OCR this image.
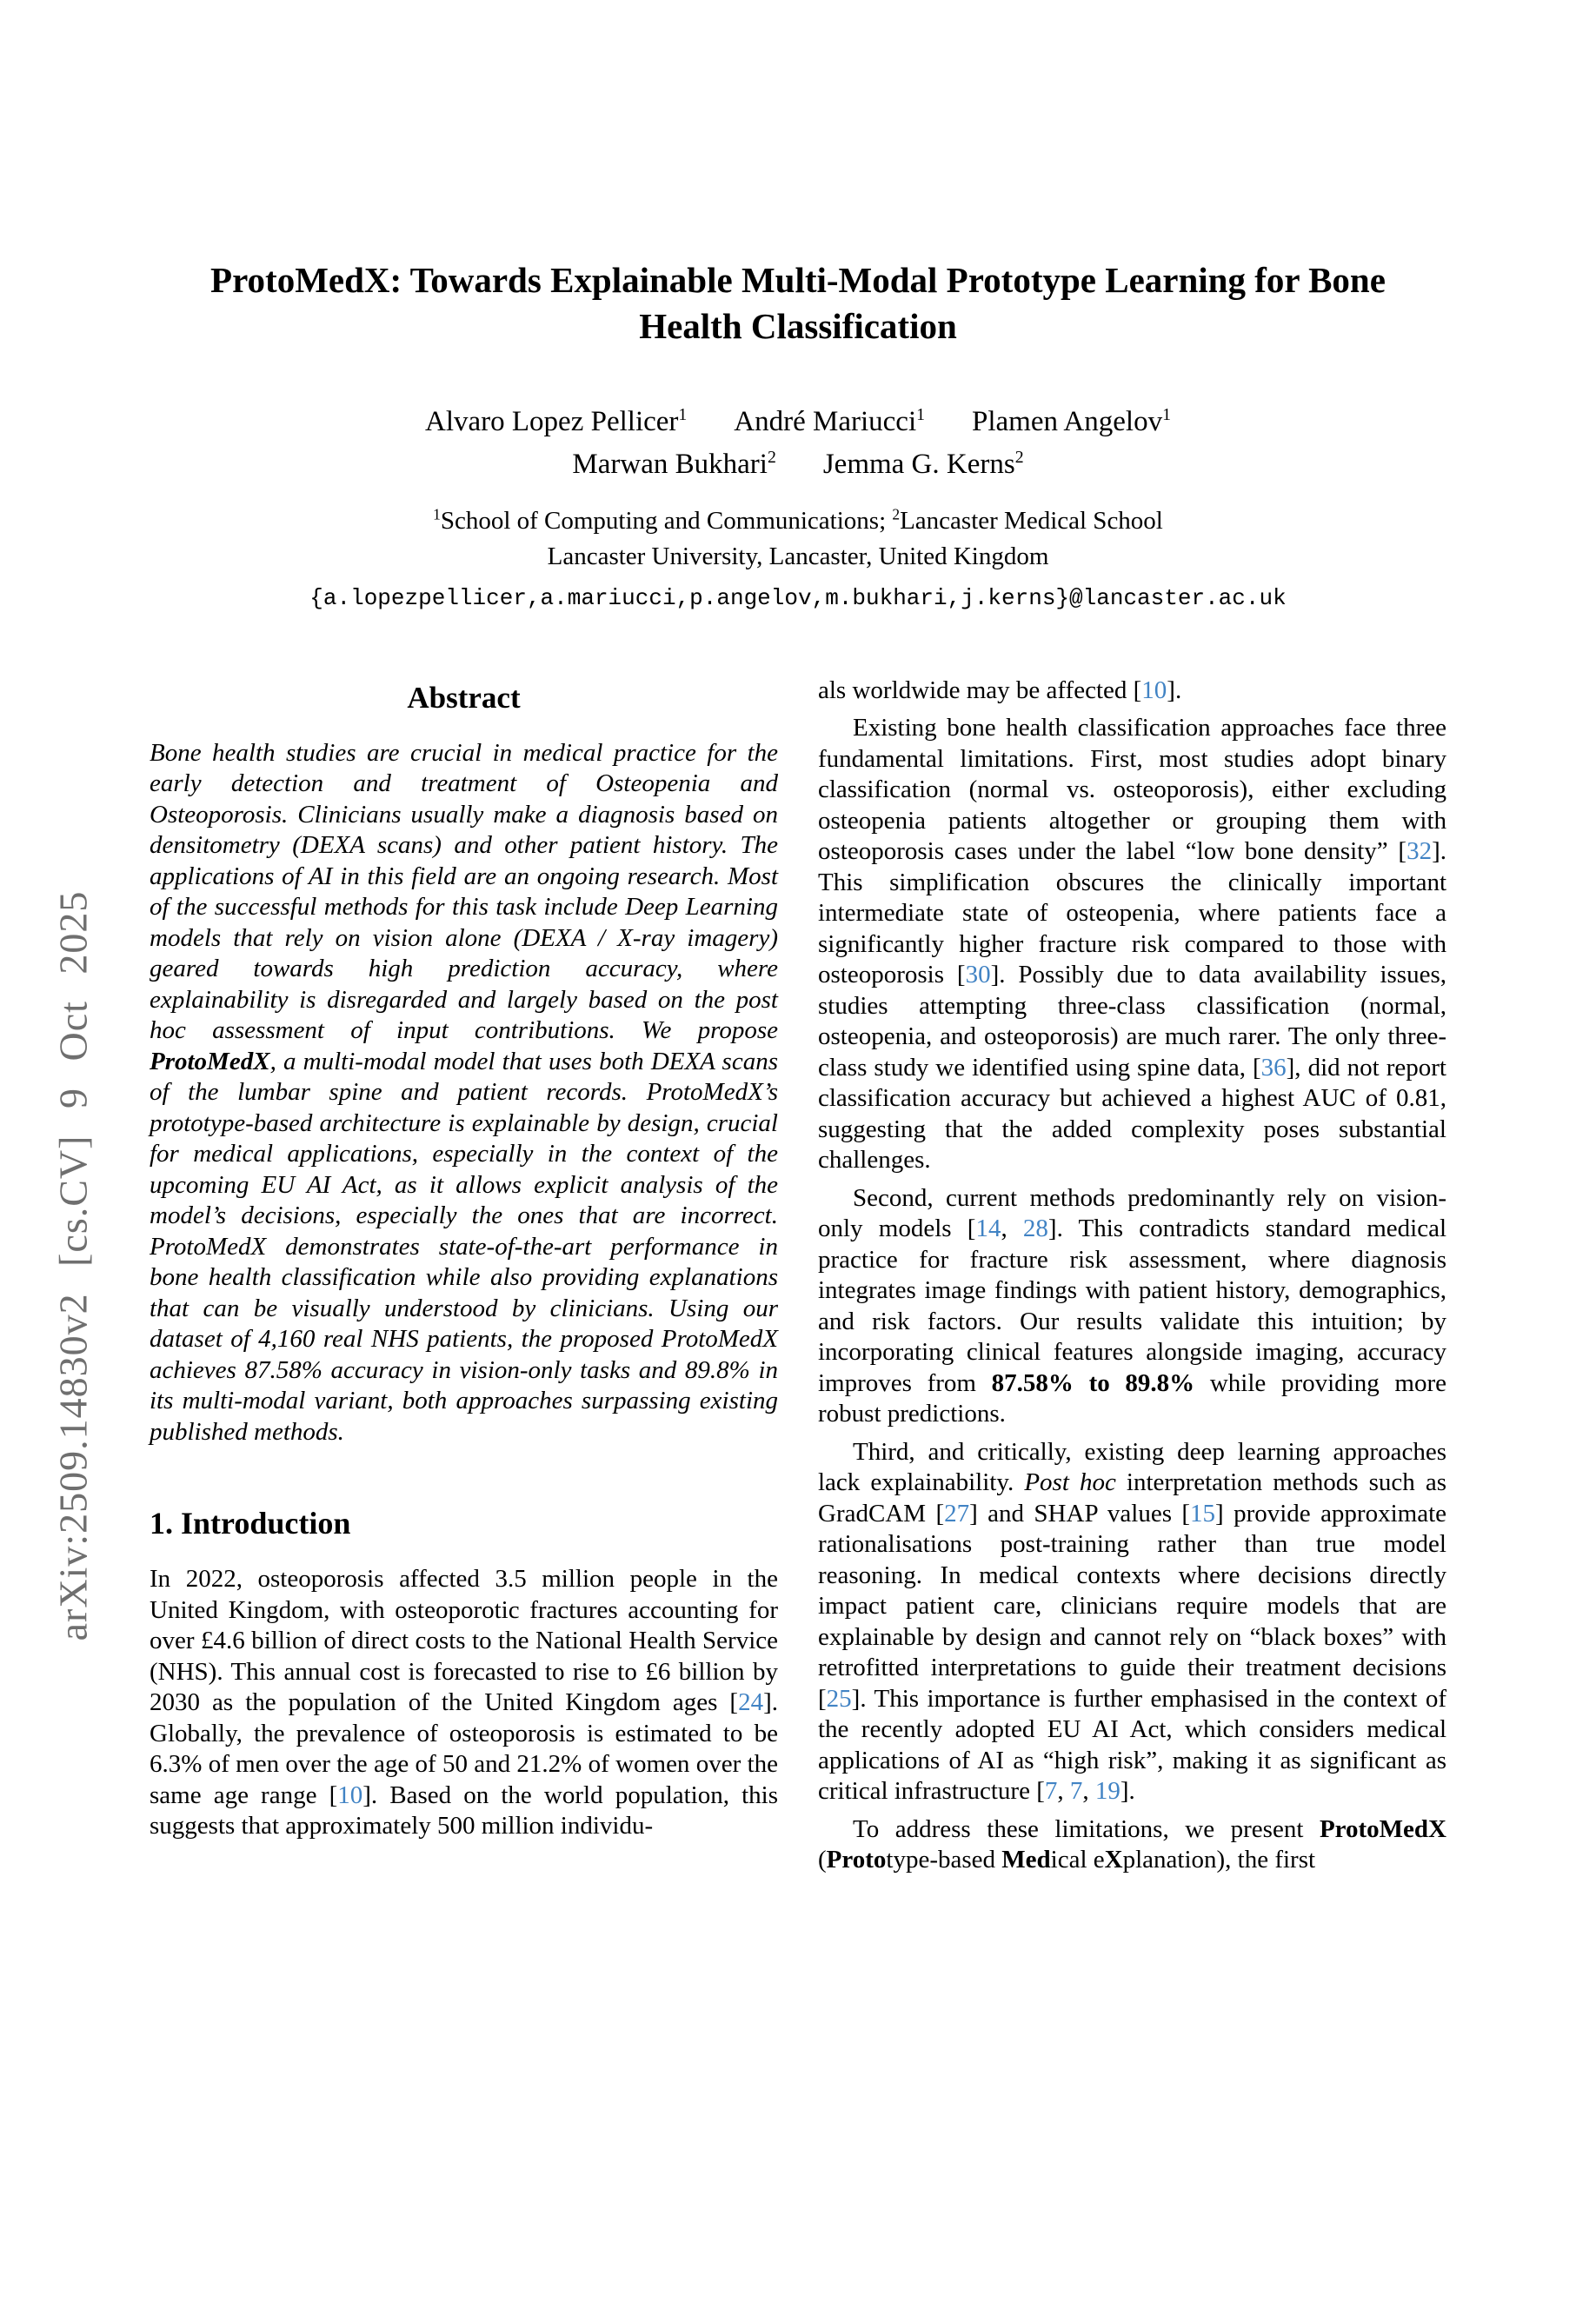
arXiv:2509.14830v2 [cs.CV] 9 Oct 2025
ProtoMedX: Towards Explainable Multi-Modal Prototype Learning for Bone Health Classification
Alvaro Lopez Pellicer$^1$ André Mariucci$^1$ Plamen Angelov$^1$
Marwan Bukhari$^2$ Jemma G. Kerns$^2$
$^1$School of Computing and Communications; $^2$Lancaster Medical School
Lancaster University, Lancaster, United Kingdom
{a.lopezpellicer,a.mariucci,p.angelov,m.bukhari,j.kerns}@lancaster.ac.uk
Abstract

Bone health studies are crucial in medical practice for the early detection and treatment of Osteopenia and Osteoporosis. Clinicians usually make a diagnosis based on densitometry (DEXA scans) and other patient history. The applications of AI in this field are an ongoing research. Most of the successful methods for this task include Deep Learning models that rely on vision alone (DEXA / X-ray imagery) geared towards high prediction accuracy, where explainability is disregarded and largely based on the post hoc assessment of input contributions. We propose ProtoMedX, a multi-modal model that uses both DEXA scans of the lumbar spine and patient records. ProtoMedX’s prototype-based architecture is explainable by design, crucial for medical applications, especially in the context of the upcoming EU AI Act, as it allows explicit analysis of the model’s decisions, especially the ones that are incorrect. ProtoMedX demonstrates state-of-the-art performance in bone health classification while also providing explanations that can be visually understood by clinicians. Using our dataset of 4,160 real NHS patients, the proposed ProtoMedX achieves 87.58% accuracy in vision-only tasks and 89.8% in its multi-modal variant, both approaches surpassing existing published methods.

1. Introduction

In 2022, osteoporosis affected 3.5 million people in the United Kingdom, with osteoporotic fractures accounting for over £4.6 billion of direct costs to the National Health Service (NHS). This annual cost is forecasted to rise to £6 billion by 2030 as the population of the United Kingdom ages [24]. Globally, the prevalence of osteoporosis is estimated to be 6.3% of men over the age of 50 and 21.2% of women over the same age range [10]. Based on the world population, this suggests that approximately 500 million individu-

als worldwide may be affected [10].

Existing bone health classification approaches face three fundamental limitations. First, most studies adopt binary classification (normal vs. osteoporosis), either excluding osteopenia patients altogether or grouping them with osteoporosis cases under the label “low bone density” [32]. This simplification obscures the clinically important intermediate state of osteopenia, where patients face a significantly higher fracture risk compared to those with osteoporosis [30]. Possibly due to data availability issues, studies attempting three-class classification (normal, osteopenia, and osteoporosis) are much rarer. The only three-class study we identified using spine data, [36], did not report classification accuracy but achieved a highest AUC of 0.81, suggesting that the added complexity poses substantial challenges.

Second, current methods predominantly rely on vision-only models [14, 28]. This contradicts standard medical practice for fracture risk assessment, where diagnosis integrates image findings with patient history, demographics, and risk factors. Our results validate this intuition; by incorporating clinical features alongside imaging, accuracy improves from 87.58% to 89.8% while providing more robust predictions.

Third, and critically, existing deep learning approaches lack explainability. Post hoc interpretation methods such as GradCAM [27] and SHAP values [15] provide approximate rationalisations post-training rather than true model reasoning. In medical contexts where decisions directly impact patient care, clinicians require models that are explainable by design and cannot rely on “black boxes” with retrofitted interpretations to guide their treatment decisions [25]. This importance is further emphasised in the context of the recently adopted EU AI Act, which considers medical applications of AI as “high risk”, making it as significant as critical infrastructure [7, 7, 19].

To address these limitations, we present ProtoMedX (Prototype-based Medical eXplanation), the first
